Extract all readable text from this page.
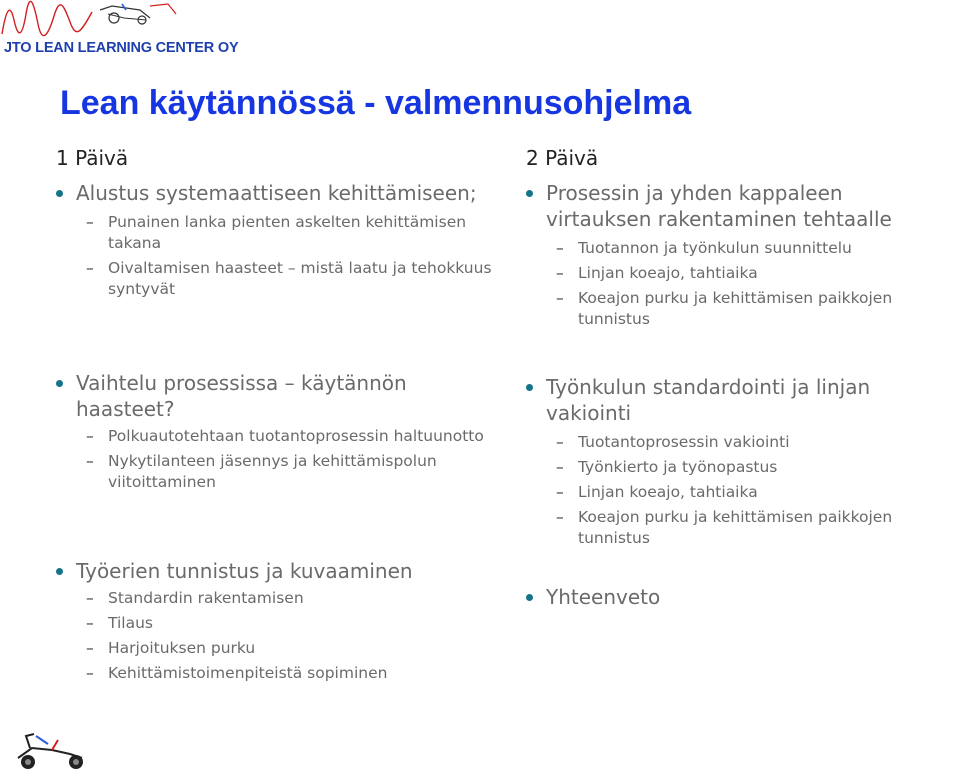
JTO LEAN LEARNING CENTER OY
Lean käytännössä - valmennusohjelma
1 Päivä
Alustus systemaattiseen kehittämiseen;
– Punainen lanka pienten askelten kehittämisen takana
– Oivaltamisen haasteet – mistä laatu ja tehokkuus syntyvät
Vaihtelu prosessissa – käytännön haasteet?
– Polkuautotehtaan tuotantoprosessin haltuunotto
– Nykytilanteen jäsennys ja kehittämispolun viitoittaminen
Työerien tunnistus ja kuvaaminen
– Standardin rakentamisen
– Tilaus
– Harjoituksen purku
– Kehittämistoimenpiteistä sopiminen
2 Päivä
Prosessin ja yhden kappaleen virtauksen rakentaminen tehtaalle
– Tuotannon ja työnkulun suunnittelu
– Linjan koeajo, tahtiaika
– Koeajon purku ja kehittämisen paikkojen tunnistus
Työnkulun standardointi ja linjan vakiointi
– Tuotantoprosessin vakiointi
– Työnkierto ja työnopastus
– Linjan koeajo, tahtiaika
– Koeajon purku ja kehittämisen paikkojen tunnistus
Yhteenveto
